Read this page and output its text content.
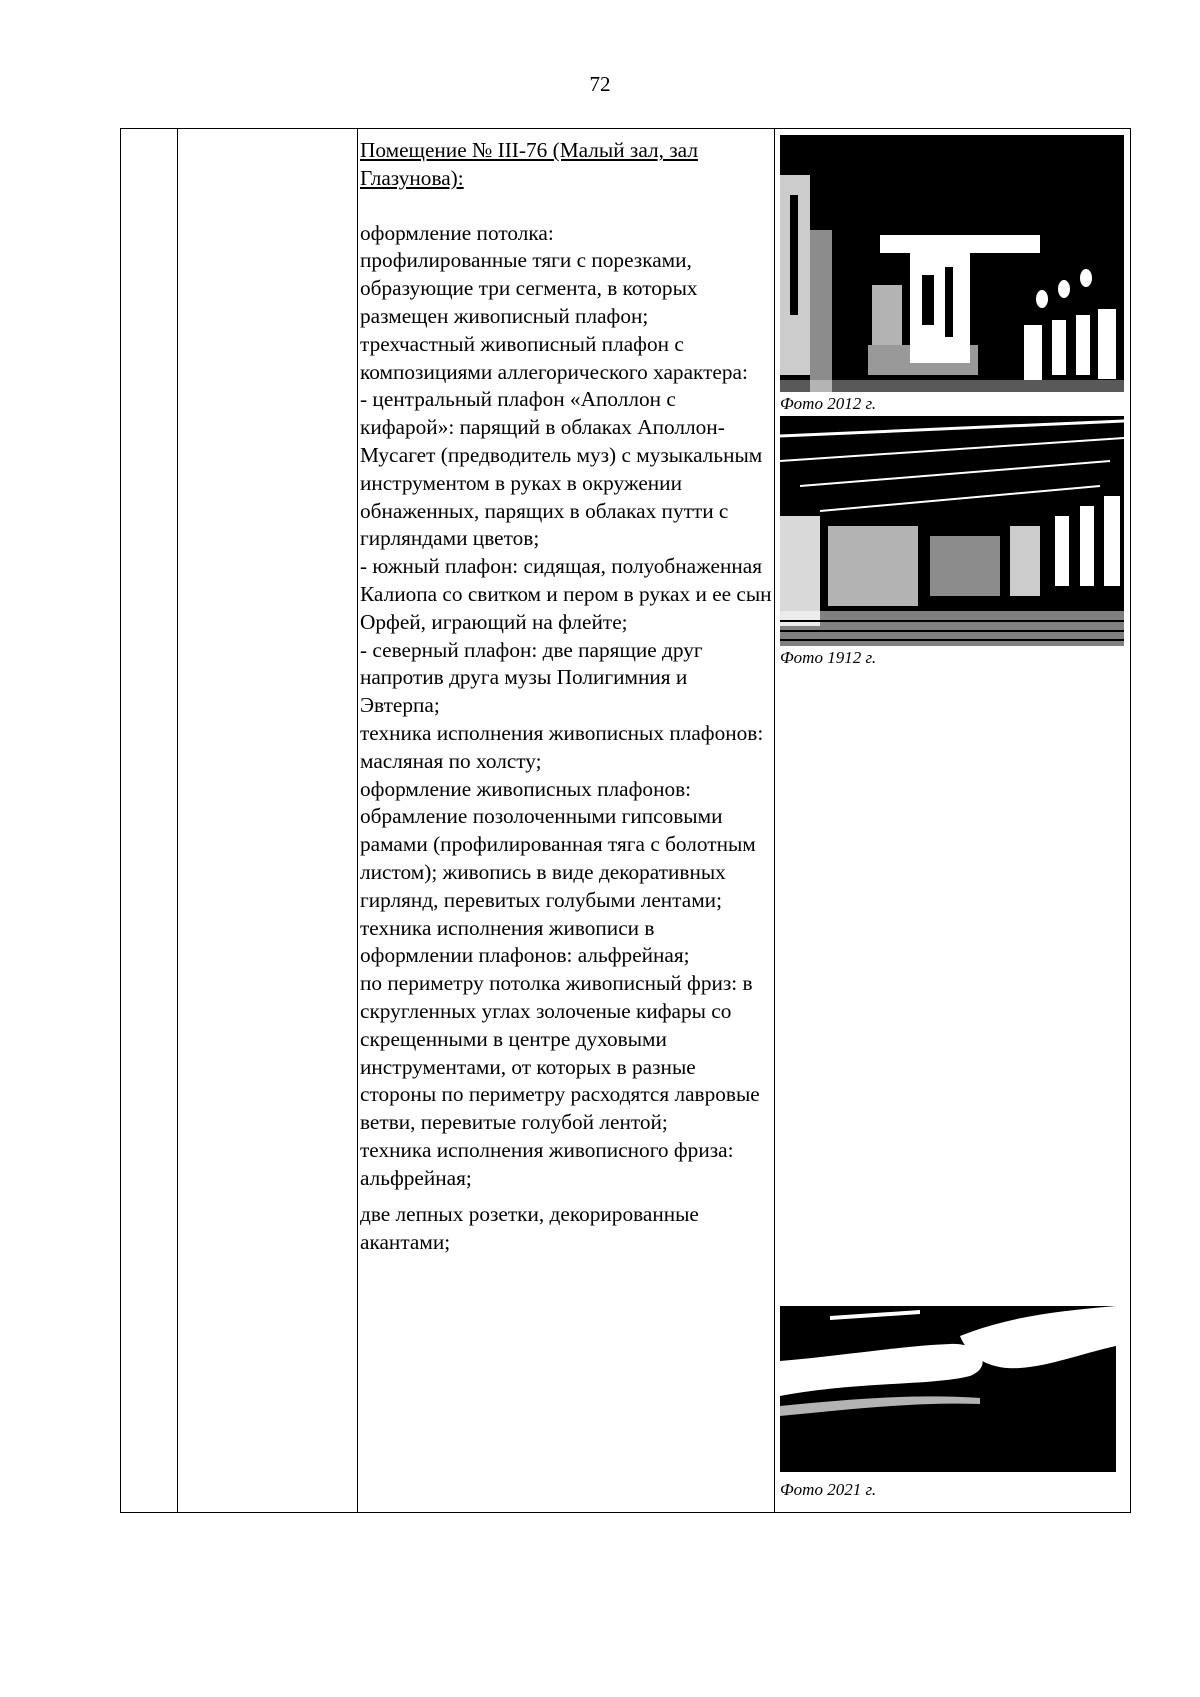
72

Помещение № III-76 (Малый зал, зал Глазунова):

оформление потолка:

профилированные тяги с порезками, образующие три сегмента, в которых размещен живописный плафон;

трехчастный живописный плафон с композициями аллегорического характера:

- центральный плафон «Аполлон с кифарой»: парящий в облаках Аполлон-Мусагет (предводитель муз) с музыкальным инструментом в руках в окружении обнаженных, парящих в облаках путти с гирляндами цветов;

- южный плафон: сидящая, полуобнаженная Калиопа со свитком и пером в руках и ее сын Орфей, играющий на флейте;

- северный плафон: две парящие друг напротив друга музы Полигимния и Эвтерпа;

техника исполнения живописных плафонов: масляная по холсту;

оформление живописных плафонов: обрамление позолоченными гипсовыми рамами (профилированная тяга с болотным листом); живопись в виде декоративных гирлянд, перевитых голубыми лентами;

техника исполнения живописи в оформлении плафонов: альфрейная;

по периметру потолка живописный фриз: в скругленных углах золоченые кифары со скрещенными в центре духовыми инструментами, от которых в разные стороны по периметру расходятся лавровые ветви, перевитые голубой лентой;

техника исполнения живописного фриза: альфрейная;

две лепных розетки, декорированные акантами;

Фото 2012 г.
Фото 1912 г.
Фото 2021 г.
